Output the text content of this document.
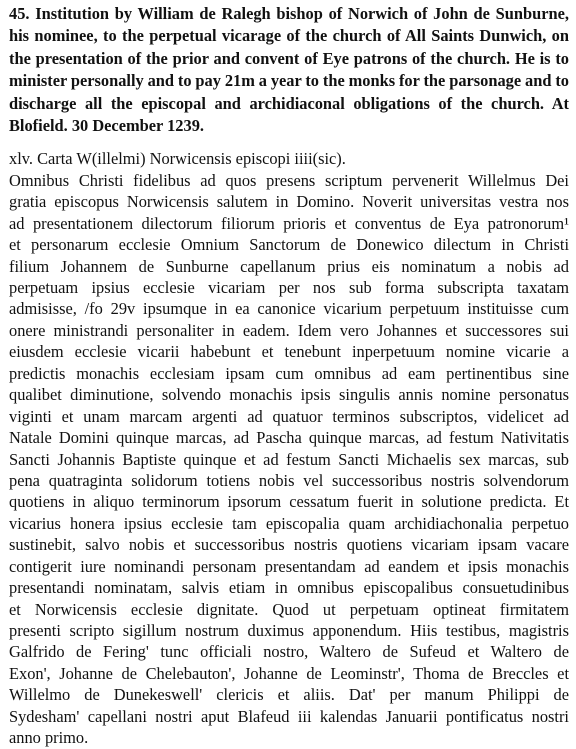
45. Institution by William de Ralegh bishop of Norwich of John de Sunburne,
his nominee, to the perpetual vicarage of the church of All Saints Dunwich, on
the presentation of the prior and convent of Eye patrons of the church. He is to
minister personally and to pay 21m a year to the monks for the parsonage and to
discharge all the episcopal and archidiaconal obligations of the church. At
Blofield. 30 December 1239.
xlv. Carta W(illelmi) Norwicensis episcopi iiii(sic).
Omnibus Christi fidelibus ad quos presens scriptum pervenerit Willelmus Dei
gratia episcopus Norwicensis salutem in Domino. Noverit universitas vestra nos
ad presentationem dilectorum filiorum prioris et conventus de Eya patronorum¹
et personarum ecclesie Omnium Sanctorum de Donewico dilectum in Christi
filium Johannem de Sunburne capellanum prius eis nominatum a nobis ad
perpetuam ipsius ecclesie vicariam per nos sub forma subscripta taxatam
admisisse, /fo 29v ipsumque in ea canonice vicarium perpetuum instituisse cum
onere ministrandi personaliter in eadem. Idem vero Johannes et successores sui
eiusdem ecclesie vicarii habebunt et tenebunt inperpetuum nomine vicarie a
predictis monachis ecclesiam ipsam cum omnibus ad eam pertinentibus sine
qualibet diminutione, solvendo monachis ipsis singulis annis nomine personatus
viginti et unam marcam argenti ad quatuor terminos subscriptos, videlicet ad
Natale Domini quinque marcas, ad Pascha quinque marcas, ad festum Nativitatis
Sancti Johannis Baptiste quinque et ad festum Sancti Michaelis sex marcas, sub
pena quatraginta solidorum totiens nobis vel successoribus nostris solvendorum
quotiens in aliquo terminorum ipsorum cessatum fuerit in solutione predicta. Et
vicarius honera ipsius ecclesie tam episcopalia quam archidiachonalia perpetuo
sustinebit, salvo nobis et successoribus nostris quotiens vicariam ipsam vacare
contigerit iure nominandi personam presentandam ad eandem et ipsis monachis
presentandi nominatam, salvis etiam in omnibus episcopalibus consuetudinibus
et Norwicensis ecclesie dignitate. Quod ut perpetuam optineat firmitatem
presenti scripto sigillum nostrum duximus apponendum. Hiis testibus, magistris
Galfrido de Fering' tunc officiali nostro, Waltero de Sufeud et Waltero de
Exon', Johanne de Chelebauton', Johanne de Leominstr', Thoma de Breccles et
Willelmo de Dunekeswell' clericis et aliis. Dat' per manum Philippi de
Sydesham' capellani nostri aput Blafeud iii kalendas Januarii pontificatus nostri
anno primo.
